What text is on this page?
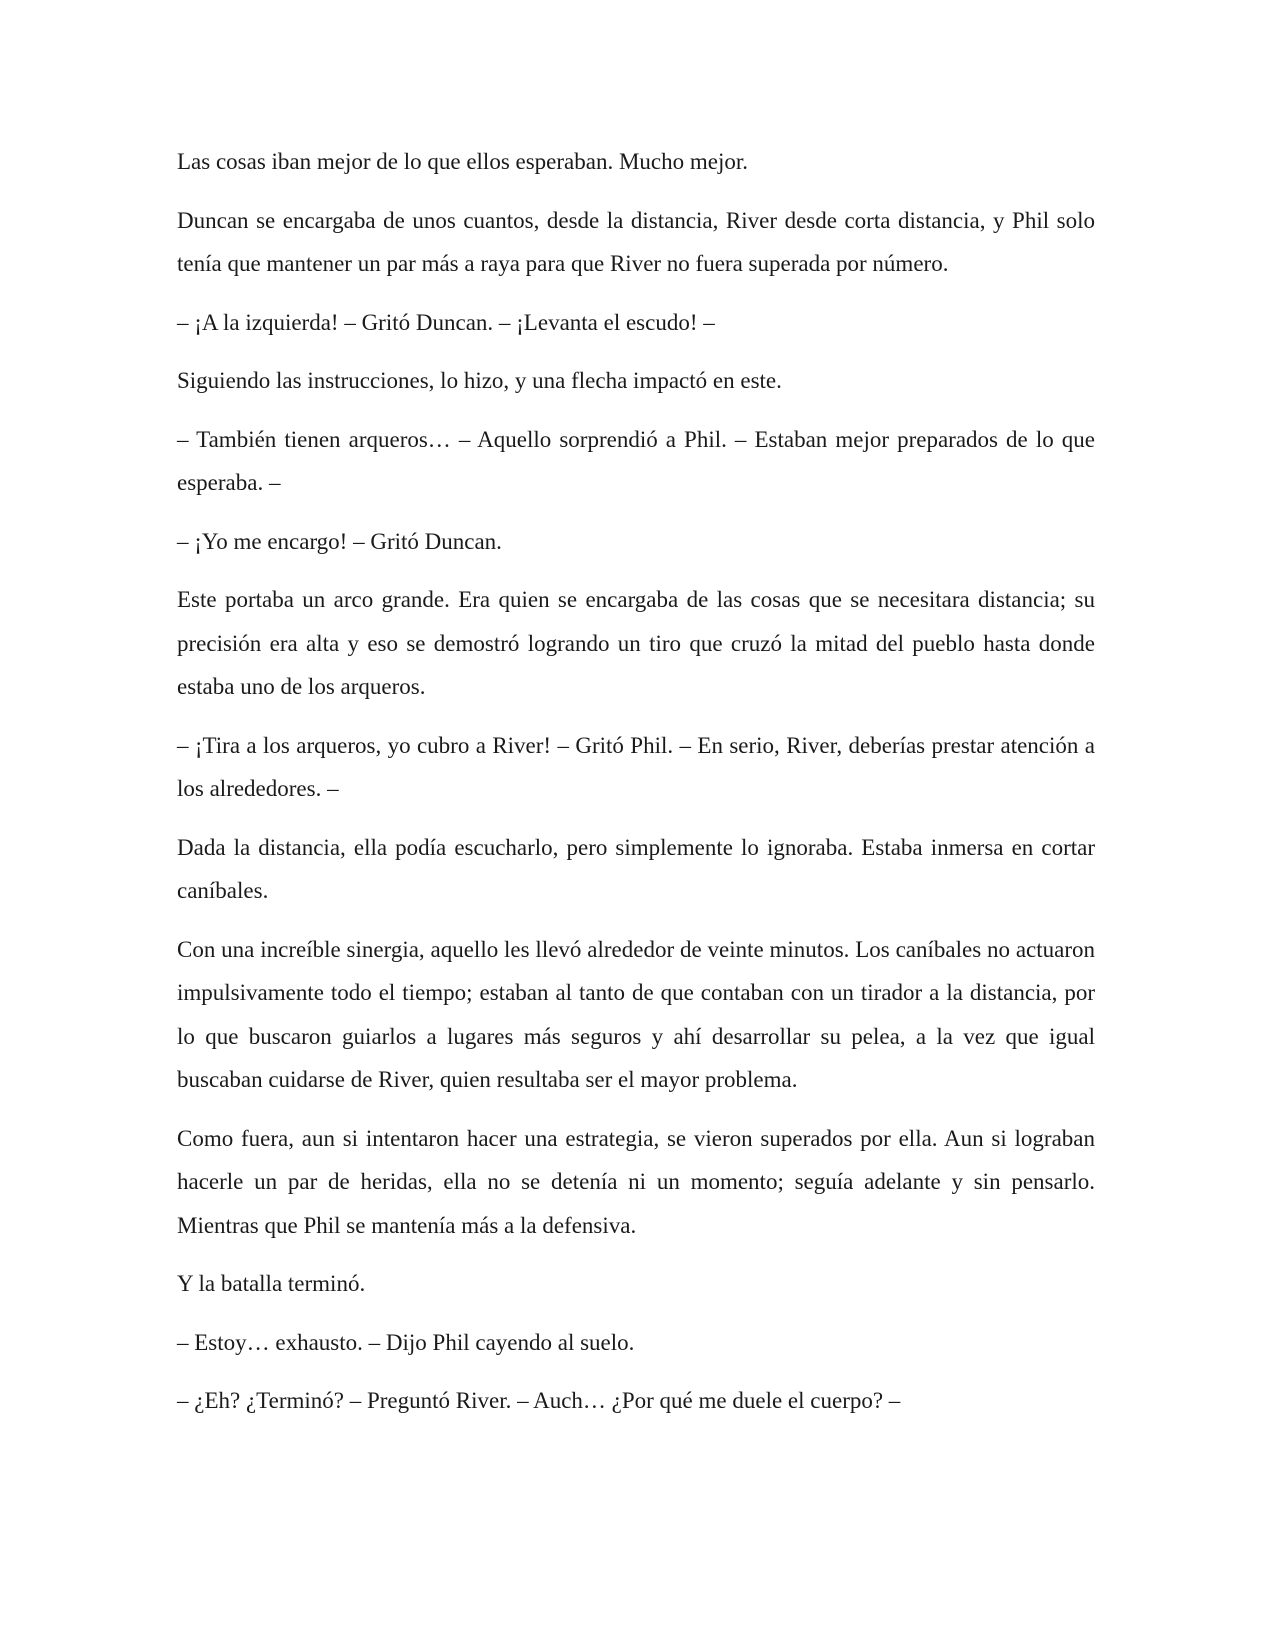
Las cosas iban mejor de lo que ellos esperaban. Mucho mejor.

Duncan se encargaba de unos cuantos, desde la distancia, River desde corta distancia, y Phil solo tenía que mantener un par más a raya para que River no fuera superada por número.

– ¡A la izquierda! – Gritó Duncan. – ¡Levanta el escudo! –

Siguiendo las instrucciones, lo hizo, y una flecha impactó en este.

– También tienen arqueros… – Aquello sorprendió a Phil. – Estaban mejor preparados de lo que esperaba. –

– ¡Yo me encargo! – Gritó Duncan.

Este portaba un arco grande. Era quien se encargaba de las cosas que se necesitara distancia; su precisión era alta y eso se demostró logrando un tiro que cruzó la mitad del pueblo hasta donde estaba uno de los arqueros.

– ¡Tira a los arqueros, yo cubro a River! – Gritó Phil. – En serio, River, deberías prestar atención a los alrededores. –

Dada la distancia, ella podía escucharlo, pero simplemente lo ignoraba. Estaba inmersa en cortar caníbales.

Con una increíble sinergia, aquello les llevó alrededor de veinte minutos. Los caníbales no actuaron impulsivamente todo el tiempo; estaban al tanto de que contaban con un tirador a la distancia, por lo que buscaron guiarlos a lugares más seguros y ahí desarrollar su pelea, a la vez que igual buscaban cuidarse de River, quien resultaba ser el mayor problema.

Como fuera, aun si intentaron hacer una estrategia, se vieron superados por ella. Aun si lograban hacerle un par de heridas, ella no se detenía ni un momento; seguía adelante y sin pensarlo. Mientras que Phil se mantenía más a la defensiva.

Y la batalla terminó.

– Estoy… exhausto. – Dijo Phil cayendo al suelo.

– ¿Eh? ¿Terminó? – Preguntó River. – Auch… ¿Por qué me duele el cuerpo? –
